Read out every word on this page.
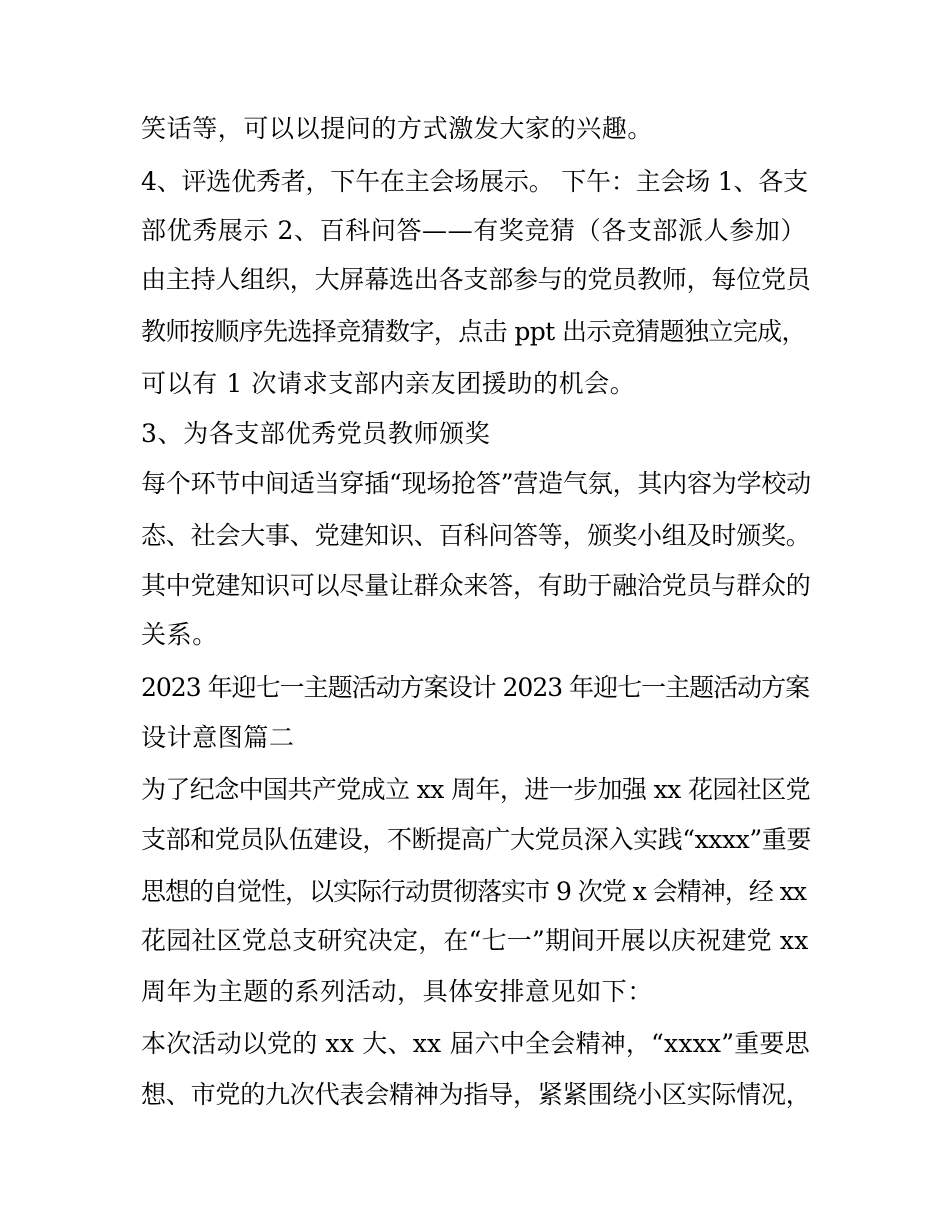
笑话等，可以以提问的方式激发大家的兴趣。
4、评选优秀者，下午在主会场展示。 下午：主会场 1、各支
部优秀展示 2、百科问答——有奖竞猜（各支部派人参加）
由主持人组织，大屏幕选出各支部参与的党员教师，每位党员
教师按顺序先选择竞猜数字，点击 ppt 出示竞猜题独立完成，
可以有 1 次请求支部内亲友团援助的机会。
3、为各支部优秀党员教师颁奖
每个环节中间适当穿插“现场抢答”营造气氛，其内容为学校动
态、社会大事、党建知识、百科问答等，颁奖小组及时颁奖。
其中党建知识可以尽量让群众来答，有助于融洽党员与群众的
关系。
2023 年迎七一主题活动方案设计 2023 年迎七一主题活动方案
设计意图篇二
为了纪念中国共产党成立 xx 周年，进一步加强 xx 花园社区党
支部和党员队伍建设，不断提高广大党员深入实践“xxxx”重要
思想的自觉性，以实际行动贯彻落实市 9 次党 x 会精神，经 xx
花园社区党总支研究决定，在“七一”期间开展以庆祝建党 xx
周年为主题的系列活动，具体安排意见如下：
本次活动以党的 xx 大、xx 届六中全会精神，“xxxx”重要思
想、市党的九次代表会精神为指导，紧紧围绕小区实际情况，
